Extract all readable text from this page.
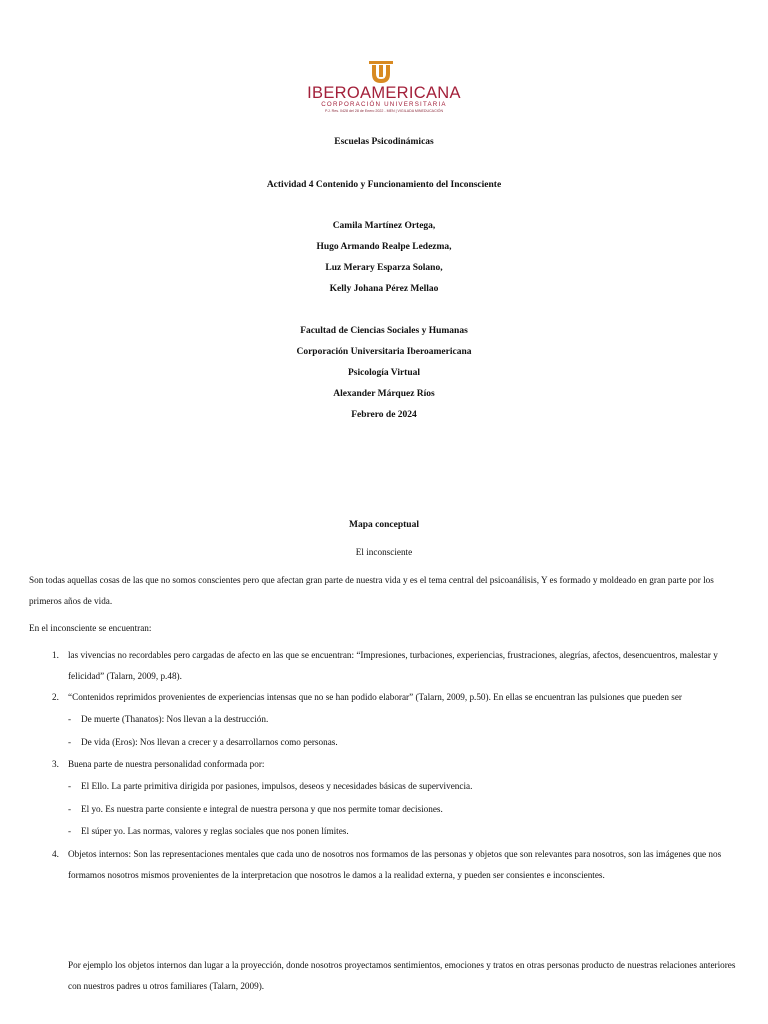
IBEROAMERICANA
CORPORACIÓN UNIVERSITARIA
P.J. Res. 0428 del 28 de Enero 2022 - MEN | VIGILADA MINEDUCACIÓN
Escuelas Psicodinámicas
Actividad 4 Contenido y Funcionamiento del Inconsciente
Camila Martínez Ortega,
Hugo Armando Realpe Ledezma,
Luz Merary Esparza Solano,
Kelly Johana Pérez Mellao
Facultad de Ciencias Sociales y Humanas
Corporación Universitaria Iberoamericana
Psicología Virtual
Alexander Márquez Ríos
Febrero de 2024
Mapa conceptual
El inconsciente
Son todas aquellas cosas de las que no somos conscientes pero que afectan gran parte de nuestra vida y es el tema central del psicoanálisis, Y es formado y moldeado en gran parte por los
primeros años de vida.
En el inconsciente se encuentran:
1. las vivencias no recordables pero cargadas de afecto en las que se encuentran: “Impresiones, turbaciones, experiencias, frustraciones, alegrías, afectos, desencuentros, malestar y
felicidad” (Talarn, 2009, p.48).
2. “Contenidos reprimidos provenientes de experiencias intensas que no se han podido elaborar” (Talarn, 2009, p.50). En ellas se encuentran las pulsiones que pueden ser
- De muerte (Thanatos): Nos llevan a la destrucción.
- De vida (Eros): Nos llevan a crecer y a desarrollarnos como personas.
3. Buena parte de nuestra personalidad conformada por:
- El Ello. La parte primitiva dirigida por pasiones, impulsos, deseos y necesidades básicas de supervivencia.
- El yo. Es nuestra parte consiente e integral de nuestra persona y que nos permite tomar decisiones.
- El súper yo. Las normas, valores y reglas sociales que nos ponen límites.
4. Objetos internos: Son las representaciones mentales que cada uno de nosotros nos formamos de las personas y objetos que son relevantes para nosotros, son las imágenes que nos
formamos nosotros mismos provenientes de la interpretacion que nosotros le damos a la realidad externa, y pueden ser consientes e inconscientes.
Por ejemplo los objetos internos dan lugar a la proyección, donde nosotros proyectamos sentimientos, emociones y tratos en otras personas producto de nuestras relaciones anteriores
con nuestros padres u otros familiares (Talarn, 2009).
